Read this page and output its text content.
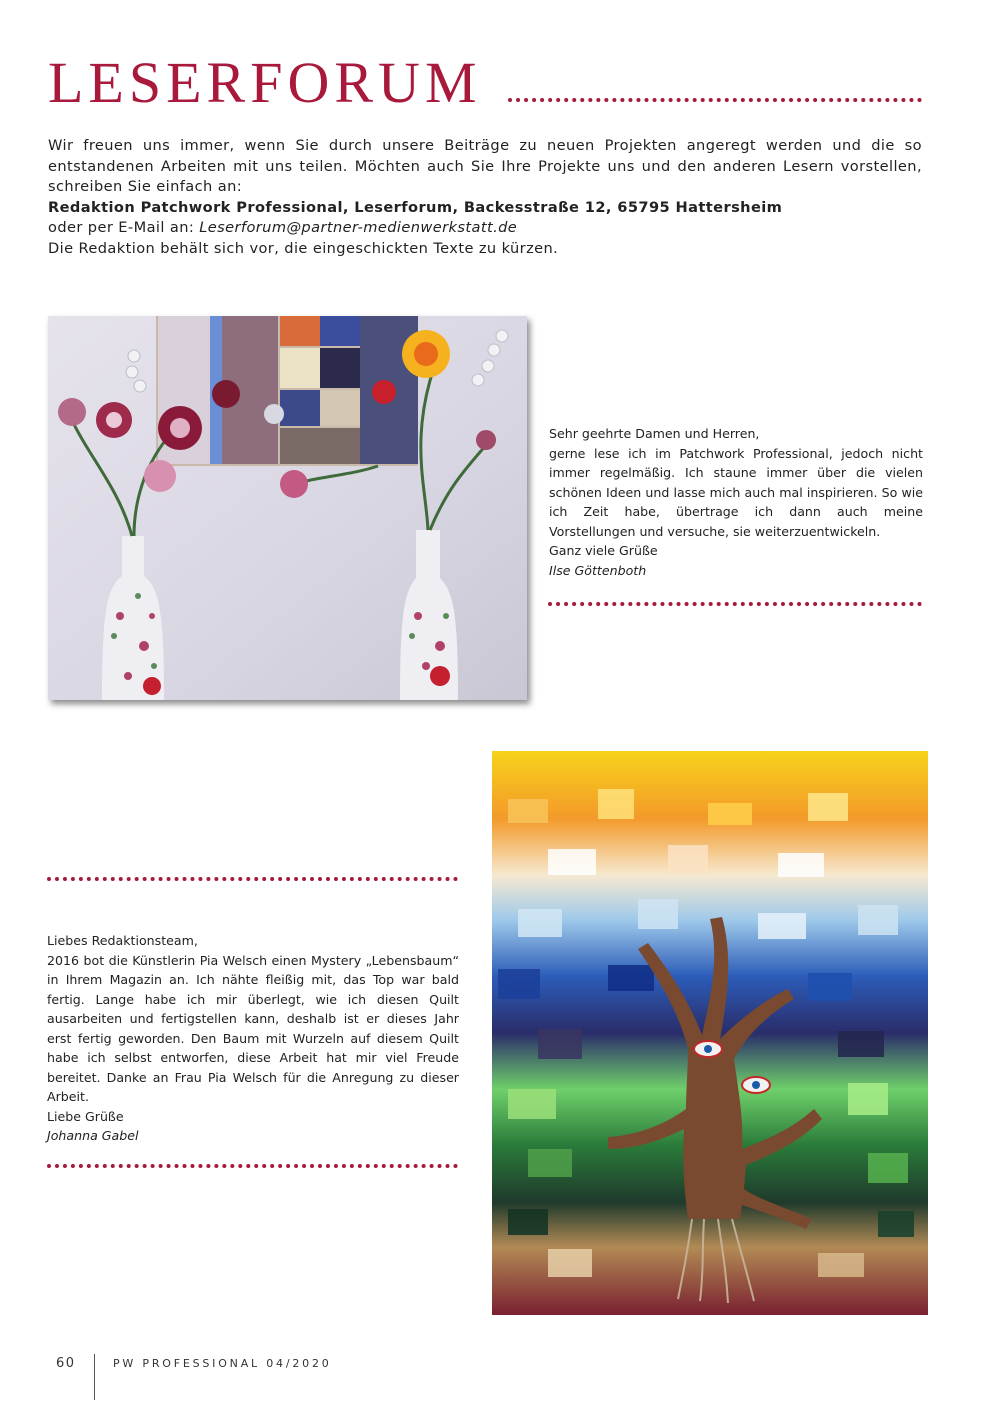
LESERFORUM

Wir freuen uns immer, wenn Sie durch unsere Beiträge zu neuen Projekten angeregt werden und die so entstandenen Arbeiten mit uns teilen. Möchten auch Sie Ihre Projekte uns und den anderen Lesern vorstellen, schreiben Sie einfach an:

Redaktion Patchwork Professional, Leserforum, Backesstraße 12, 65795 Hattersheim

oder per E-Mail an: Leserforum@partner-medienwerkstatt.de

Die Redaktion behält sich vor, die eingeschickten Texte zu kürzen.

Sehr geehrte Damen und Herren,

gerne lese ich im Patchwork Professional, jedoch nicht immer regelmäßig. Ich staune immer über die vielen schönen Ideen und lasse mich auch mal inspirieren. So wie ich Zeit habe, übertrage ich dann auch meine Vorstellungen und versuche, sie weiterzuentwickeln.

Ganz viele Grüße

Ilse Göttenboth

Liebes Redaktionsteam,

2016 bot die Künstlerin Pia Welsch einen Mystery „Lebensbaum“ in Ihrem Magazin an. Ich nähte fleißig mit, das Top war bald fertig. Lange habe ich mir überlegt, wie ich diesen Quilt ausarbeiten und fertigstellen kann, deshalb ist er dieses Jahr erst fertig geworden. Den Baum mit Wurzeln auf diesem Quilt habe ich selbst entworfen, diese Arbeit hat mir viel Freude bereitet. Danke an Frau Pia Welsch für die Anregung zu dieser Arbeit.

Liebe Grüße

Johanna Gabel

60	PW PROFESSIONAL 04/2020
